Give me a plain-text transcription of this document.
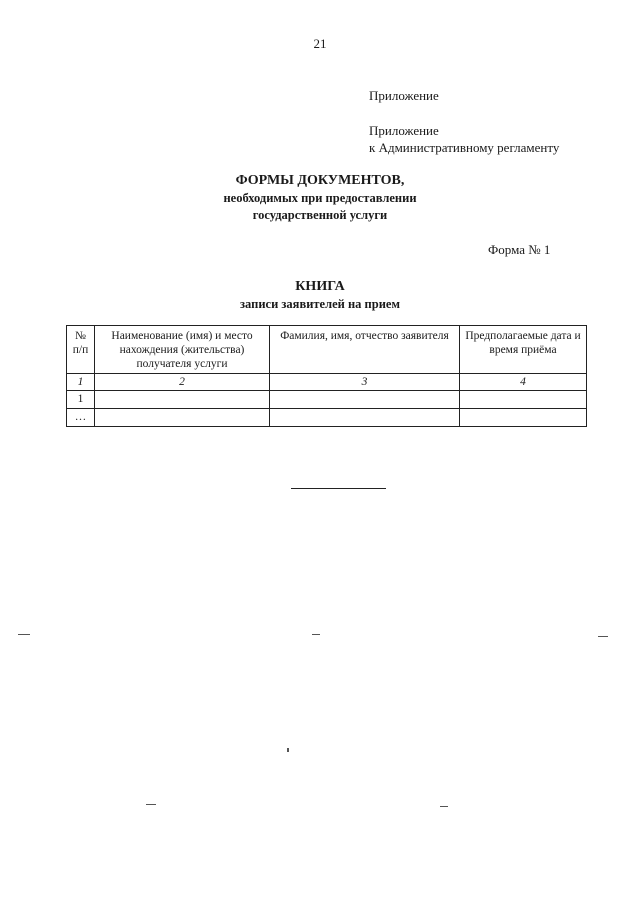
21
Приложение
Приложение
к Административному регламенту
ФОРМЫ ДОКУМЕНТОВ,
необходимых при предоставлении
государственной услуги
Форма № 1
КНИГА
записи заявителей на прием
№ п/п	Наименование (имя) и место нахождения (жительства) получателя услуги	Фамилия, имя, отчество заявителя	Предполагаемые дата и время приёма
1	2	3	4
1			
…			
